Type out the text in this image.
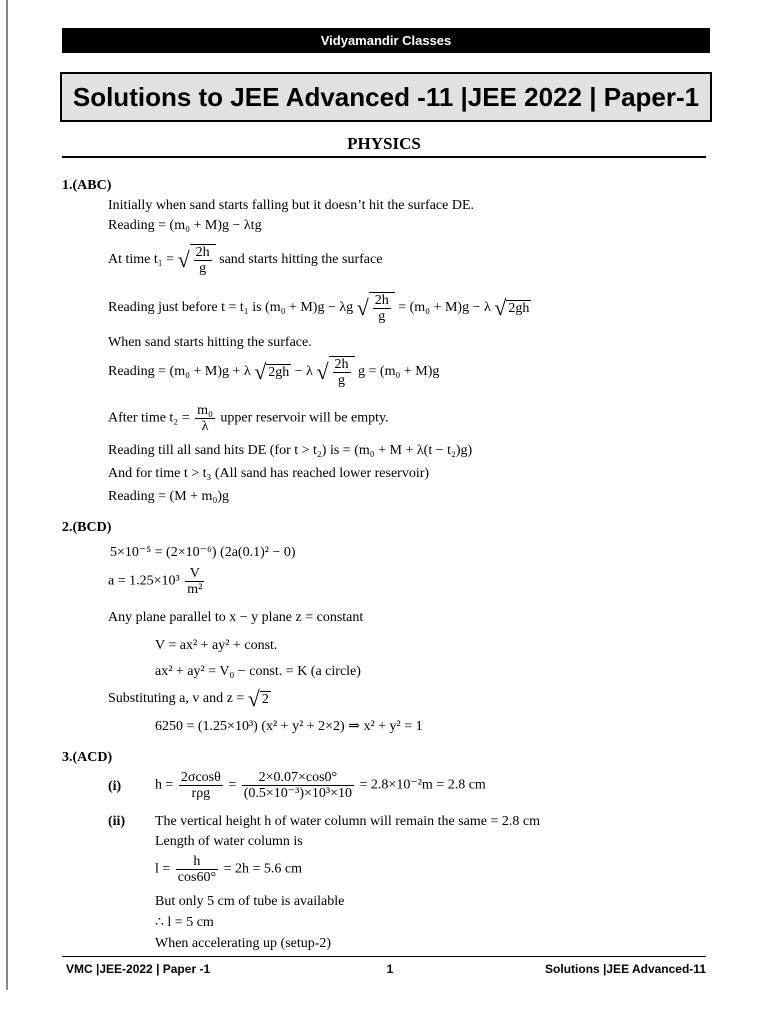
Vidyamandir Classes
Solutions to JEE Advanced -11 |JEE 2022 | Paper-1
PHYSICS
1.(ABC)
Initially when sand starts falling but it doesn’t hit the surface DE.
Reading = (m₀ + M)g − λtg
At time t₁ = √ $\frac{2h}{g}$ sand starts hitting the surface
Reading just before t = t₁ is (m₀ + M)g − λg √ $\frac{2h}{g} = (m_0 + M)g - \lambda$ √ 2gh
When sand starts hitting the surface.
Reading = (m₀ + M)g + λ √ 2gh − λ √ $\frac{2h}{g}$ g = (m₀ + M)g
After time $t_2 = \frac{\text{m₀}}{\lambda}$ upper reservoir will be empty.
Reading till all sand hits DE (for t > t₂) is = (m₀ + M + λ(t − t₂)g)
And for time t > t₃ (All sand has reached lower reservoir)
Reading = (M + m₀)g
2.(BCD)
5×10⁻⁵ = (2×10⁻⁶) (2a(0.1)² − 0)
$a = 1.25\times 10^3 \frac{V}{\text{m²}}$
Any plane parallel to x − y plane z = constant
V = ax² + ay² + const.
ax² + ay² = V₀ − const. = K (a circle)
Substituting a, v and z = √ 2
6250 = (1.25×10³) (x² + y² + 2×2) ⇒ x² + y² = 1
3.(ACD)
(i) $h = \frac{2\sigma\cos\theta}{\text{rρg}} = \frac{2\times 0.07\times\cos 0^\circ}{\text{(0.5×10⁻³)×10³×10}} = 2.8\times 10^{-2}m = 2.8$ cm
(ii) The vertical height h of water column will remain the same = 2.8 cm
Length of water column is
$l = \frac{h}{\cos 60^\circ} = 2h = 5.6$ cm
But only 5 cm of tube is available
∴ l = 5 cm
When accelerating up (setup-2)
VMC |JEE-2022 | Paper -1	1	Solutions |JEE Advanced-11
